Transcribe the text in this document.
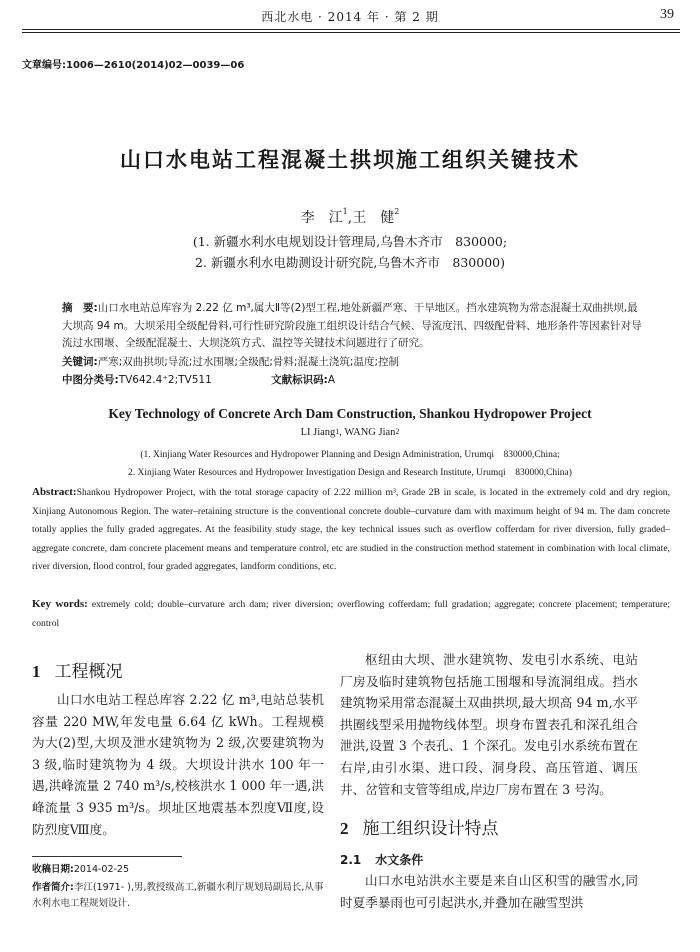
西北水电 · 2014 年 · 第 2 期	39
文章编号:1006—2610(2014)02—0039—06
山口水电站工程混凝土拱坝施工组织关键技术
李　江$^1$,王　健$^2$
(1. 新疆水利水电规划设计管理局,乌鲁木齐市　830000;
2. 新疆水利水电勘测设计研究院,乌鲁木齐市　830000)
摘　要:山口水电站总库容为 2.22 亿 m³,属大Ⅱ等(2)型工程,地处新疆严寒、干旱地区。挡水建筑物为常态混凝土双曲拱坝,最大坝高 94 m。大坝采用全级配骨料,可行性研究阶段施工组织设计结合气候、导流度汛、四级配骨料、地形条件等因素针对导流过水围堰、全级配混凝土、大坝浇筑方式、温控等关键技术问题进行了研究。
关键词:严寒;双曲拱坝;导流;过水围堰;全级配;骨料;混凝土浇筑;温度;控制
中图分类号:TV642.4⁺2;TV511	文献标识码:A
Key Technology of Concrete Arch Dam Construction, Shankou Hydropower Project
LI Jiang$^1$, WANG Jian$^2$
(1. Xinjiang Water Resources and Hydropower Planning and Design Administration, Urumqi　830000,China;
2. Xinjiang Water Resources and Hydropower Investigation Design and Research Institute, Urumqi　830000,China)
Abstract:Shankou Hydropower Project, with the total storage capacity of 2.22 million m³, Grade 2B in scale, is located in the extremely cold and dry region, Xinjiang Autonomous Region. The water–retaining structure is the conventional concrete double–curvature dam with maximum height of 94 m. The dam concrete totally applies the fully graded aggregates. At the feasibility study stage, the key technical issues such as overflow cofferdam for river diversion, fully graded–aggregate concrete, dam concrete placement means and temperature control, etc are studied in the construction method statement in combination with local climate, river diversion, flood control, four graded aggregates, landform conditions, etc.
Key words: extremely cold; double–curvature arch dam; river diversion; overflowing cofferdam; full gradation; aggregate; concrete placement; temperature; control
1 工程概况
山口水电站工程总库容 2.22 亿 m³,电站总装机容量 220 MW,年发电量 6.64 亿 kWh。工程规模为大(2)型,大坝及泄水建筑物为 2 级,次要建筑物为 3 级,临时建筑物为 4 级。大坝设计洪水 100 年一遇,洪峰流量 2 740 m³/s,校核洪水 1 000 年一遇,洪峰流量 3 935 m³/s。坝址区地震基本烈度Ⅶ度,设防烈度Ⅷ度。
枢纽由大坝、泄水建筑物、发电引水系统、电站厂房及临时建筑物包括施工围堰和导流洞组成。挡水建筑物采用常态混凝土双曲拱坝,最大坝高 94 m,水平拱圈线型采用抛物线体型。坝身布置表孔和深孔组合泄洪,设置 3 个表孔、1 个深孔。发电引水系统布置在右岸,由引水渠、进口段、洞身段、高压管道、调压井、岔管和支管等组成,岸边厂房布置在 3 号沟。
2 施工组织设计特点
2.1 水文条件
山口水电站洪水主要是来自山区积雪的融雪水,同时夏季暴雨也可引起洪水,并叠加在融雪型洪
收稿日期:2014-02-25
作者简介:李江(1971- ),男,教授级高工,新疆水利厅规划局副局长,从事水利水电工程规划设计.
